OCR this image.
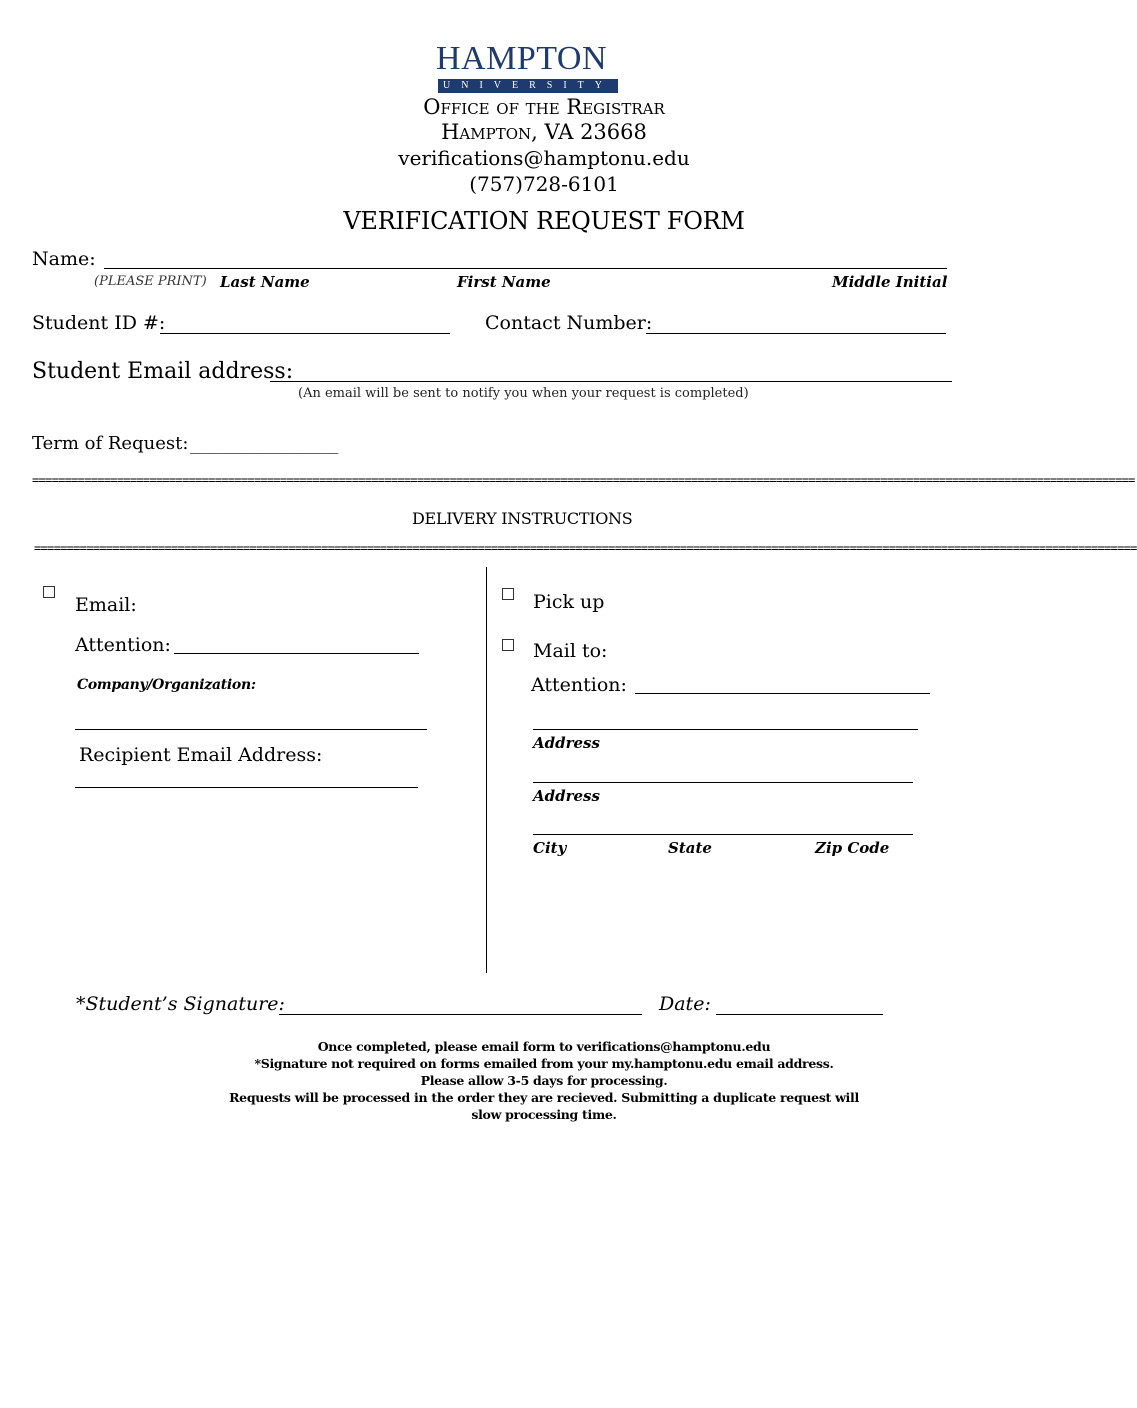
HAMPTON
UNIVERSITY
Office of the Registrar
Hampton, VA 23668
verifications@hamptonu.edu
(757)728-6101
VERIFICATION REQUEST FORM
Name:
(PLEASE PRINT) Last Name	First Name	Middle Initial
Student ID #:	Contact Number:
Student Email address:
(An email will be sent to notify you when your request is completed)
Term of Request: ___________________
=========================================================================================================================================================================
DELIVERY INSTRUCTIONS
=========================================================================================================================================================================
Email:
Attention:
Company/Organization:
Recipient Email Address:
Pick up
Mail to:
Attention:
Address
Address
City	State	Zip Code
*Student’s Signature:	Date:
Once completed, please email form to verifications@hamptonu.edu
*Signature not required on forms emailed from your my.hamptonu.edu email address.
Please allow 3-5 days for processing.
Requests will be processed in the order they are recieved. Submitting a duplicate request will
slow processing time.
